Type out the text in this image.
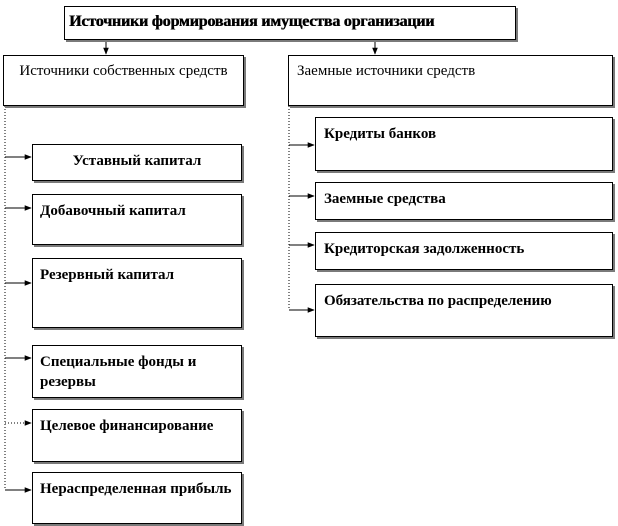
Источники формирования имущества организации
Источники собственных средств	Заемные источники средств
Уставный капитал
Добавочный капитал
Резервный капитал
Специальные фонды и резервы
Целевое финансирование
Нераспределенная прибыль
Кредиты банков
Заемные средства
Кредиторская задолженность
Обязательства по распределению
